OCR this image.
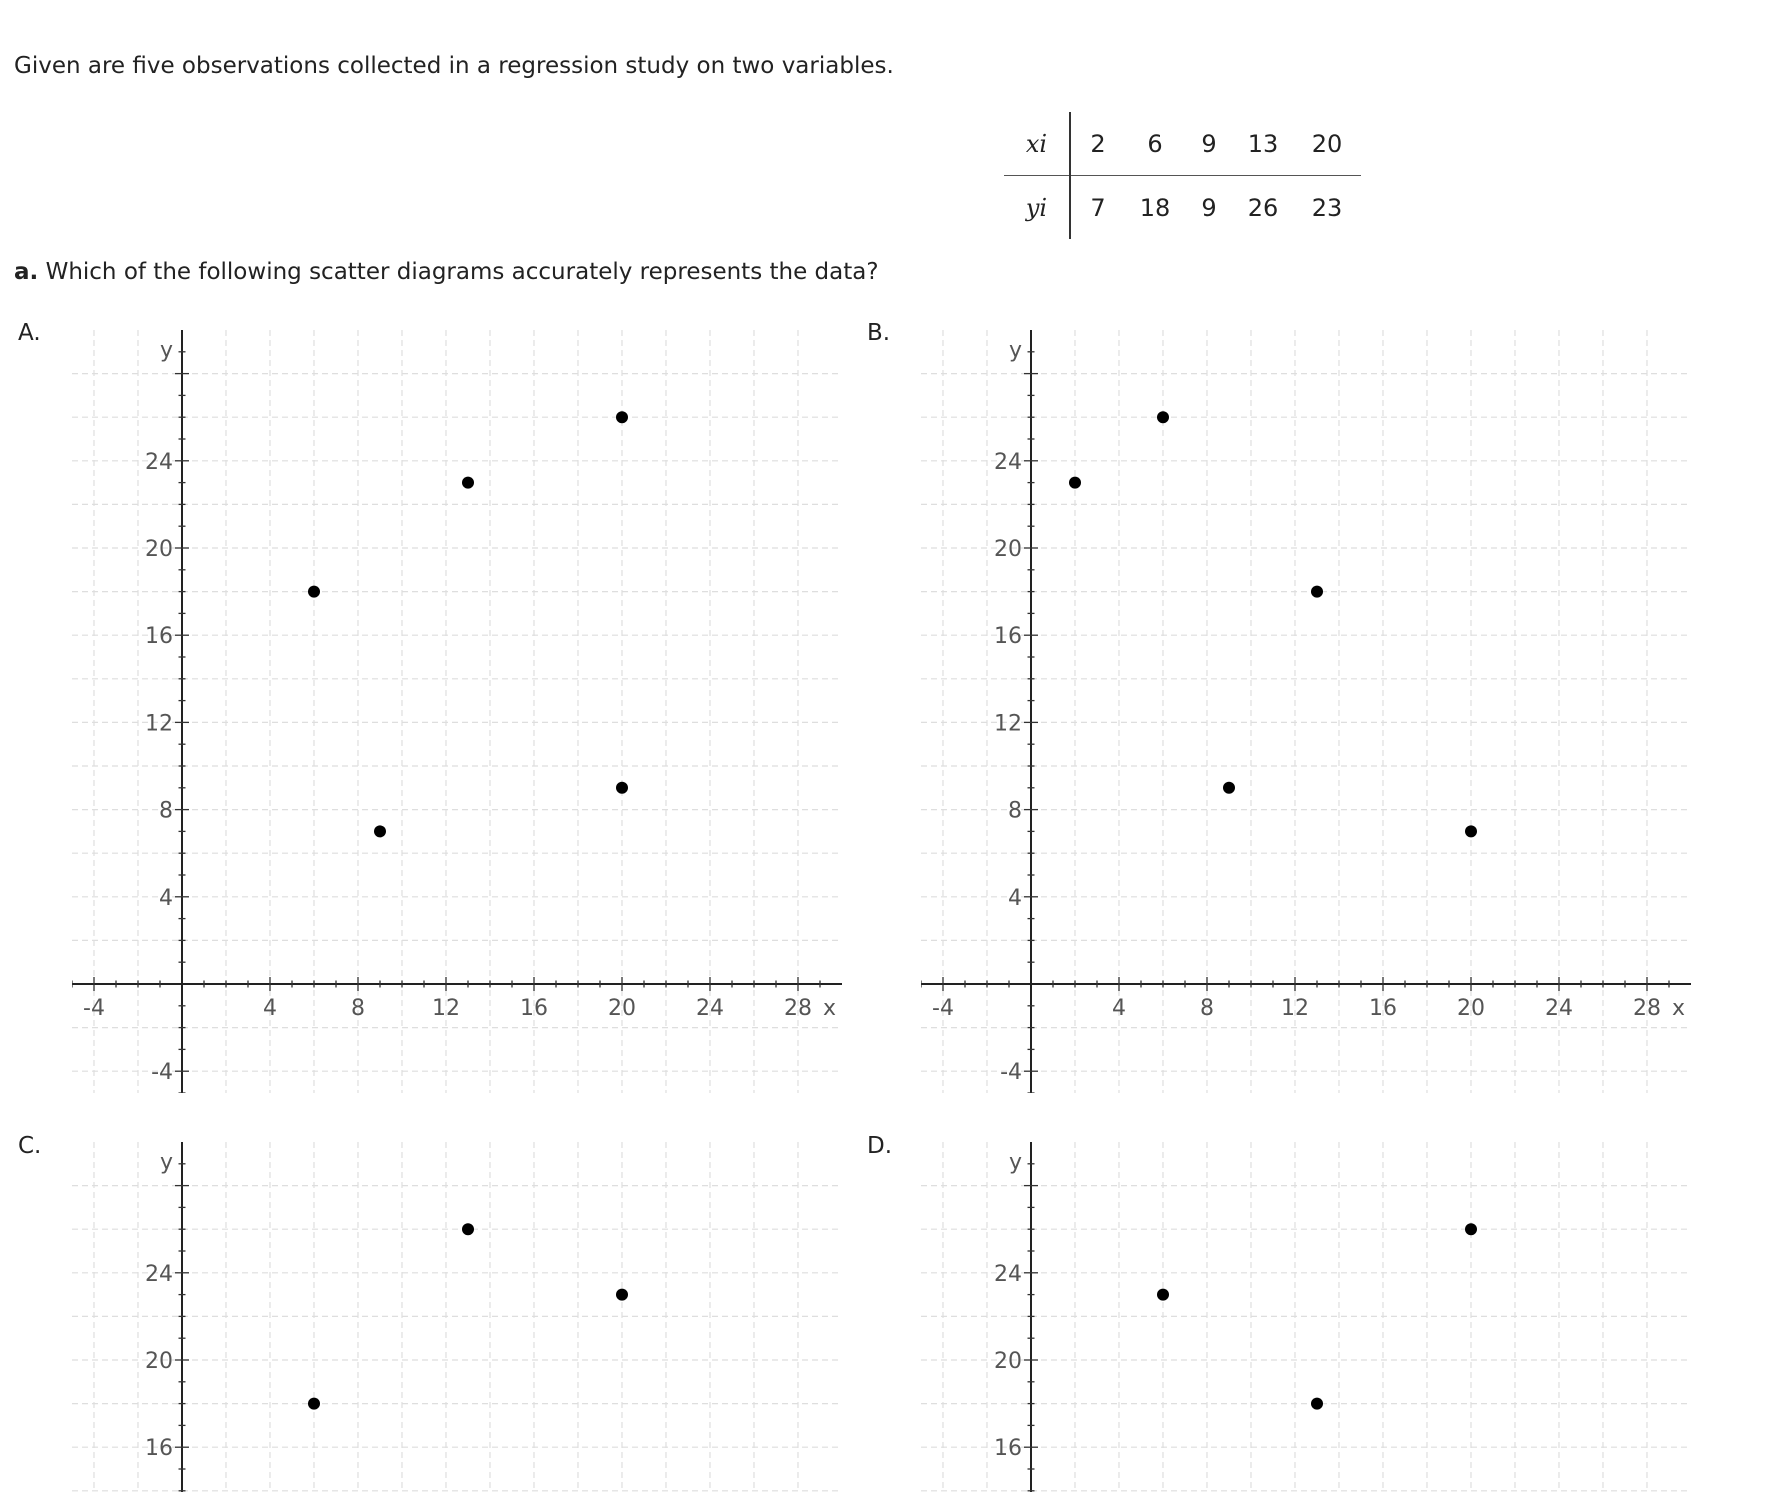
Given are five observations collected in a regression study on two variables.
xi	2	6	9	13	20
yi	7	18	9	26	23
a. Which of the following scatter diagrams accurately represents the data?
A.	B.
C.	D.
-4	4	8	12	16	20	24	28
-4
4
8
12
16
20
24
x
y
-4	4	8	12	16	20	24	28
-4
4
8
12
16
20
24
x
y
16
20
24
y
16
20
24
y
